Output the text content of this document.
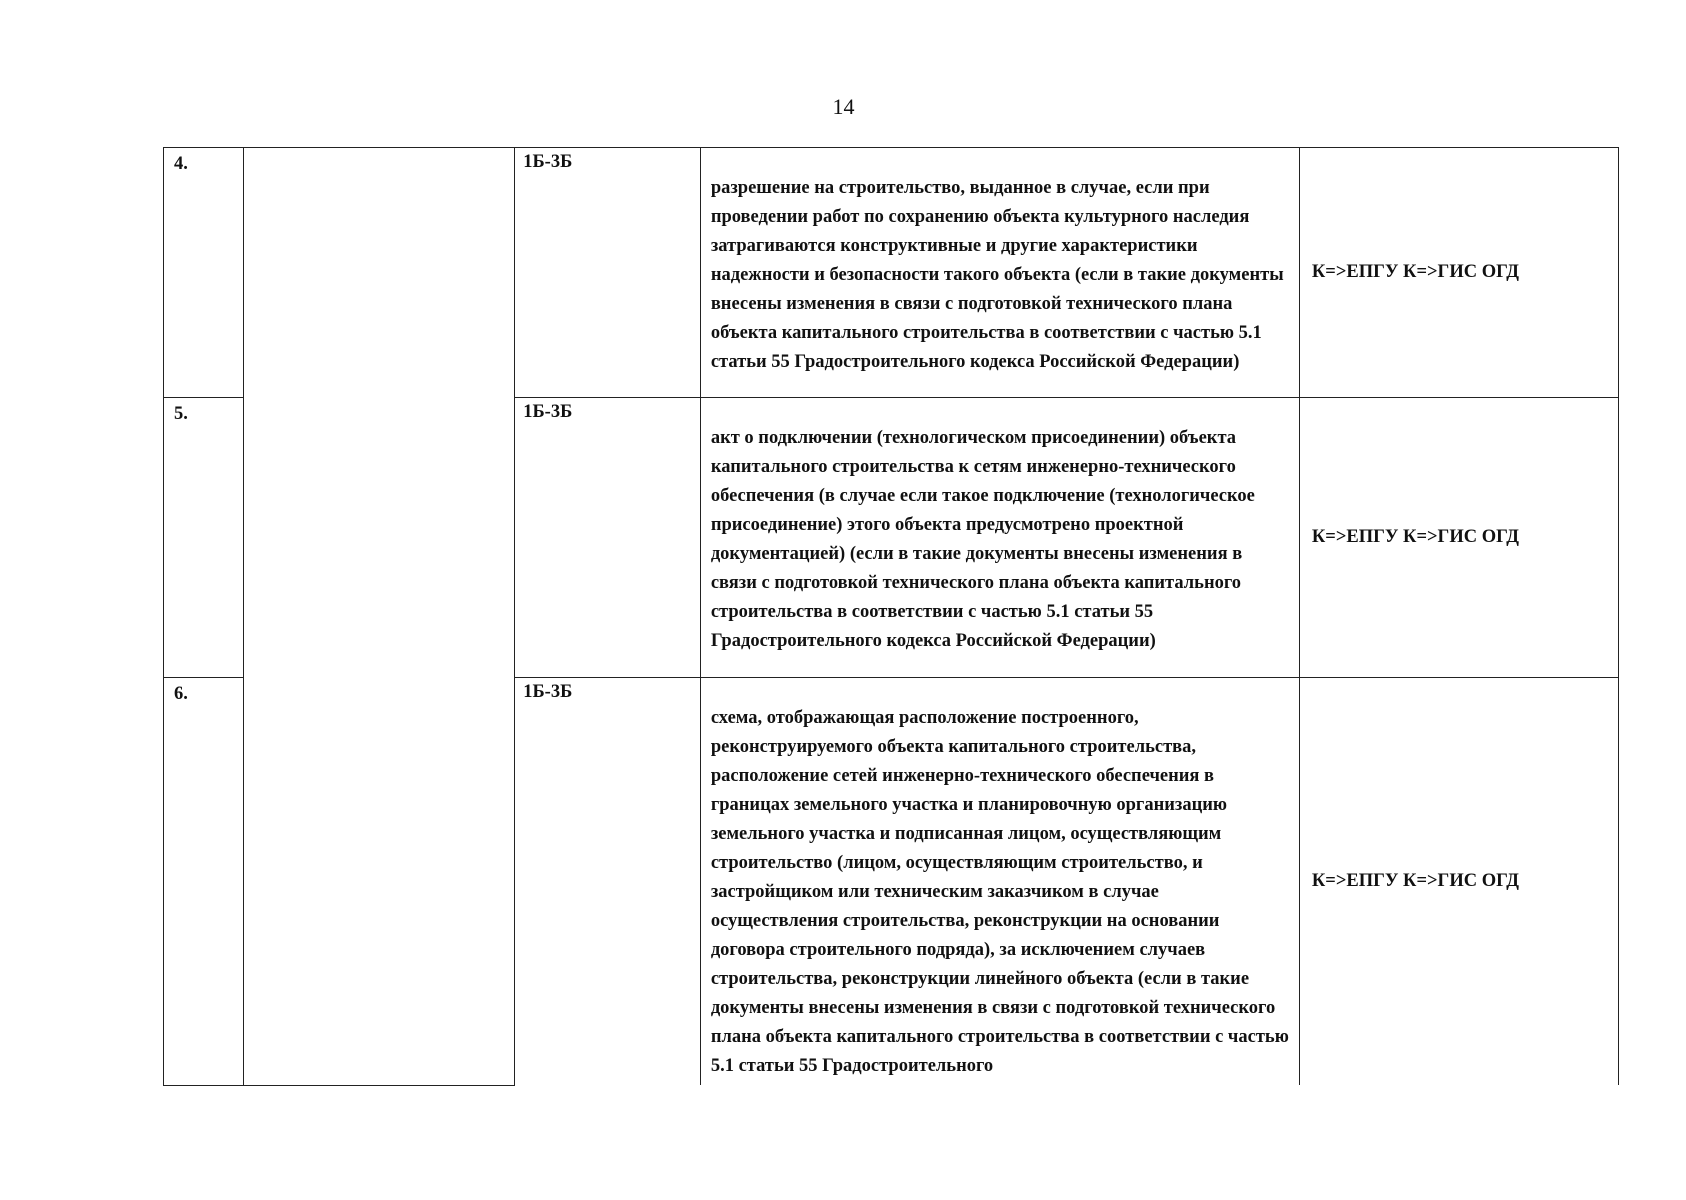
14
4.		1Б-3Б	разрешение на строительство, выданное в случае, если при проведении работ по сохранению объекта культурного наследия затрагиваются конструктивные и другие характеристики надежности и безопасности такого объекта (если в такие документы внесены изменения в связи с подготовкой технического плана объекта капитального строительства в соответствии с частью 5.1 статьи 55 Градостроительного кодекса Российской Федерации)	К=>ЕПГУ К=>ГИС ОГД
5.		1Б-3Б	акт о подключении (технологическом присоединении) объекта капитального строительства к сетям инженерно-технического обеспечения (в случае если такое подключение (технологическое присоединение) этого объекта предусмотрено проектной документацией) (если в такие документы внесены изменения в связи с подготовкой технического плана объекта капитального строительства в соответствии с частью 5.1 статьи 55 Градостроительного кодекса Российской Федерации)	К=>ЕПГУ К=>ГИС ОГД
6.		1Б-3Б	схема, отображающая расположение построенного, реконструируемого объекта капитального строительства, расположение сетей инженерно-технического обеспечения в границах земельного участка и планировочную организацию земельного участка и подписанная лицом, осуществляющим строительство (лицом, осуществляющим строительство, и застройщиком или техническим заказчиком в случае осуществления строительства, реконструкции на основании договора строительного подряда), за исключением случаев строительства, реконструкции линейного объекта (если в такие документы внесены изменения в связи с подготовкой технического плана объекта капитального строительства в соответствии с частью 5.1 статьи 55 Градостроительного	К=>ЕПГУ К=>ГИС ОГД
